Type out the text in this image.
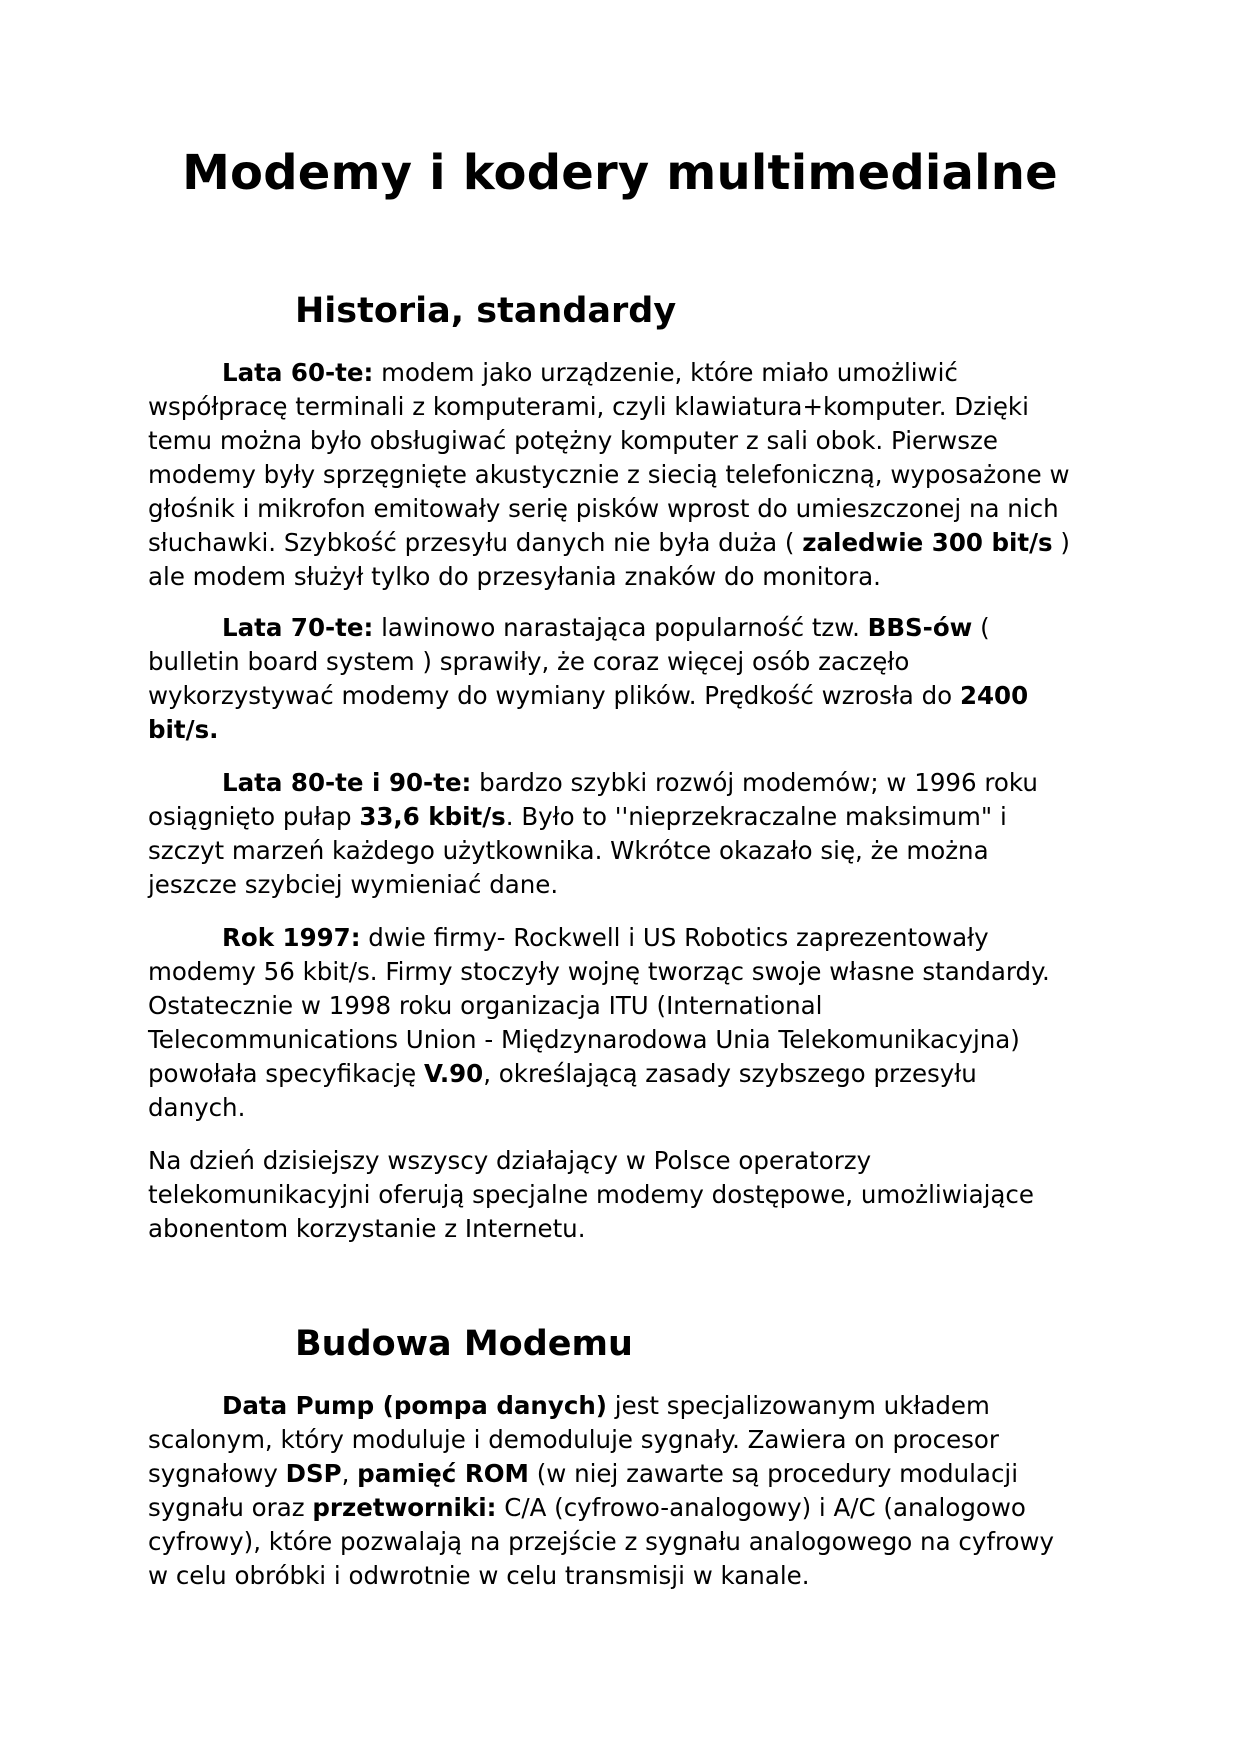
Modemy i kodery multimedialne
Historia, standardy

Lata 60-te: modem jako urządzenie, które miało umożliwić współpracę terminali z komputerami, czyli klawiatura+komputer. Dzięki temu można było obsługiwać potężny komputer z sali obok. Pierwsze modemy były sprzęgnięte akustycznie z siecią telefoniczną, wyposażone w głośnik i mikrofon emitowały serię pisków wprost do umieszczonej na nich słuchawki. Szybkość przesyłu danych nie była duża ( zaledwie 300 bit/s ) ale modem służył tylko do przesyłania znaków do monitora.

Lata 70-te: lawinowo narastająca popularność tzw. BBS-ów ( bulletin board system ) sprawiły, że coraz więcej osób zaczęło wykorzystywać modemy do wymiany plików. Prędkość wzrosła do 2400 bit/s.

Lata 80-te i 90-te: bardzo szybki rozwój modemów; w 1996 roku osiągnięto pułap 33,6 kbit/s. Było to ''nieprzekraczalne maksimum" i szczyt marzeń każdego użytkownika. Wkrótce okazało się, że można jeszcze szybciej wymieniać dane.

Rok 1997: dwie firmy- Rockwell i US Robotics zaprezentowały modemy 56 kbit/s. Firmy stoczyły wojnę tworząc swoje własne standardy. Ostatecznie w 1998 roku organizacja ITU (International Telecommunications Union - Międzynarodowa Unia Telekomunikacyjna) powołała specyfikację V.90, określającą zasady szybszego przesyłu danych.

Na dzień dzisiejszy wszyscy działający w Polsce operatorzy telekomunikacyjni oferują specjalne modemy dostępowe, umożliwiające abonentom korzystanie z Internetu.

Budowa Modemu

Data Pump (pompa danych) jest specjalizowanym układem scalonym, który moduluje i demoduluje sygnały. Zawiera on procesor sygnałowy DSP, pamięć ROM (w niej zawarte są procedury modulacji sygnału oraz przetworniki: C/A (cyfrowo-analogowy) i A/C (analogowo cyfrowy), które pozwalają na przejście z sygnału analogowego na cyfrowy w celu obróbki i odwrotnie w celu transmisji w kanale.
